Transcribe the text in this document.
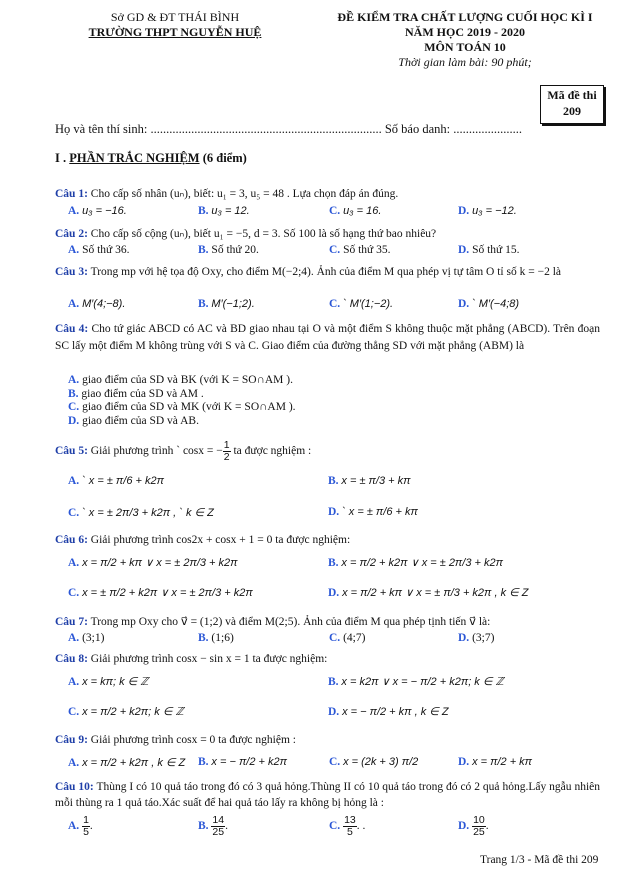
Sở GD & ĐT THÁI BÌNH
TRƯỜNG THPT NGUYỄN HUỆ
ĐỀ KIỂM TRA CHẤT LƯỢNG CUỐI HỌC KÌ I
NĂM HỌC 2019 - 2020
MÔN TOÁN 10
Thời gian làm bài: 90 phút;
Mã đề thi
209
Họ và tên thí sinh: .......................................................................... Số báo danh: ......................
I . PHẦN TRẮC NGHIỆM (6 điểm)
Câu 1: Cho cấp số nhân (uₙ), biết: u₁ = 3, u₅ = 48 . Lựa chọn đáp án đúng.
A. u₃ = −16.	B. u₃ = 12.	C. u₃ = 16.	D. u₃ = −12.
Câu 2: Cho cấp số cộng (uₙ), biết u₁ = −5, d = 3. Số 100 là số hạng thứ bao nhiêu?
A. Số thứ 36.	B. Số thứ 20.	C. Số thứ 35.	D. Số thứ 15.
Câu 3: Trong mp với hệ tọa độ Oxy, cho điểm M(−2;4). Ảnh của điểm M qua phép vị tự tâm O tỉ số k = −2 là
A. M′(4;−8).	B. M′(−1;2).	C. ` M′(1;−2).	D. ` M′(−4;8)
Câu 4: Cho tứ giác ABCD có AC và BD giao nhau tại O và một điểm S không thuộc mặt phẳng (ABCD). Trên đoạn SC lấy một điểm M không trùng với S và C. Giao điểm của đường thẳng SD với mặt phẳng (ABM) là
A. giao điểm của SD và BK (với K = SO∩AM ).
B. giao điểm của SD và AM .
C. giao điểm của SD và MK (với K = SO∩AM ).
D. giao điểm của SD và AB.
Câu 5: Giải phương trình ` cosx = − $\frac{1}{2}$ ta được nghiệm :
A. ` x = ± π/6 + k2π	B. x = ± π/3 + kπ
C. ` x = ± 2π/3 + k2π , ` k ∈ Z	D. ` x = ± π/6 + kπ
Câu 6: Giải phương trình cos2x + cosx + 1 = 0 ta được nghiệm:
A. x = π/2 + kπ ∨ x = ± 2π/3 + k2π	B. x = π/2 + k2π ∨ x = ± 2π/3 + k2π
C. x = ± π/2 + k2π ∨ x = ± 2π/3 + k2π	D. x = π/2 + kπ ∨ x = ± π/3 + k2π , k ∈ Z
Câu 7: Trong mp Oxy cho v⃗ = (1;2) và điểm M(2;5). Ảnh của điểm M qua phép tịnh tiến v⃗ là:
A. (3;1)	B. (1;6)	C. (4;7)	D. (3;7)
Câu 8: Giải phương trình cosx − sin x = 1 ta được nghiệm:
A. x = kπ; k ∈ ℤ	B. x = k2π ∨ x = − π/2 + k2π; k ∈ ℤ
C. x = π/2 + k2π; k ∈ ℤ	D. x = − π/2 + kπ , k ∈ Z
Câu 9: Giải phương trình cosx = 0 ta được nghiệm :
A. x = π/2 + k2π , k ∈ Z B. x = − π/2 + k2π	C. x = (2k + 3) π/2	D. x = π/2 + kπ
Câu 10: Thùng I có 10 quả táo trong đó có 3 quả hỏng.Thùng II có 10 quả táo trong đó có 2 quả hỏng.Lấy ngẫu nhiên mỗi thùng ra 1 quả táo.Xác suất để hai quả táo lấy ra không bị hỏng là :
A. $\frac{1}{5}$ .	B. $\frac{14}{25}$ .	C. $\frac{13}{5}$ . .	D. $\frac{10}{25}$ .
Trang 1/3 - Mã đề thi 209
